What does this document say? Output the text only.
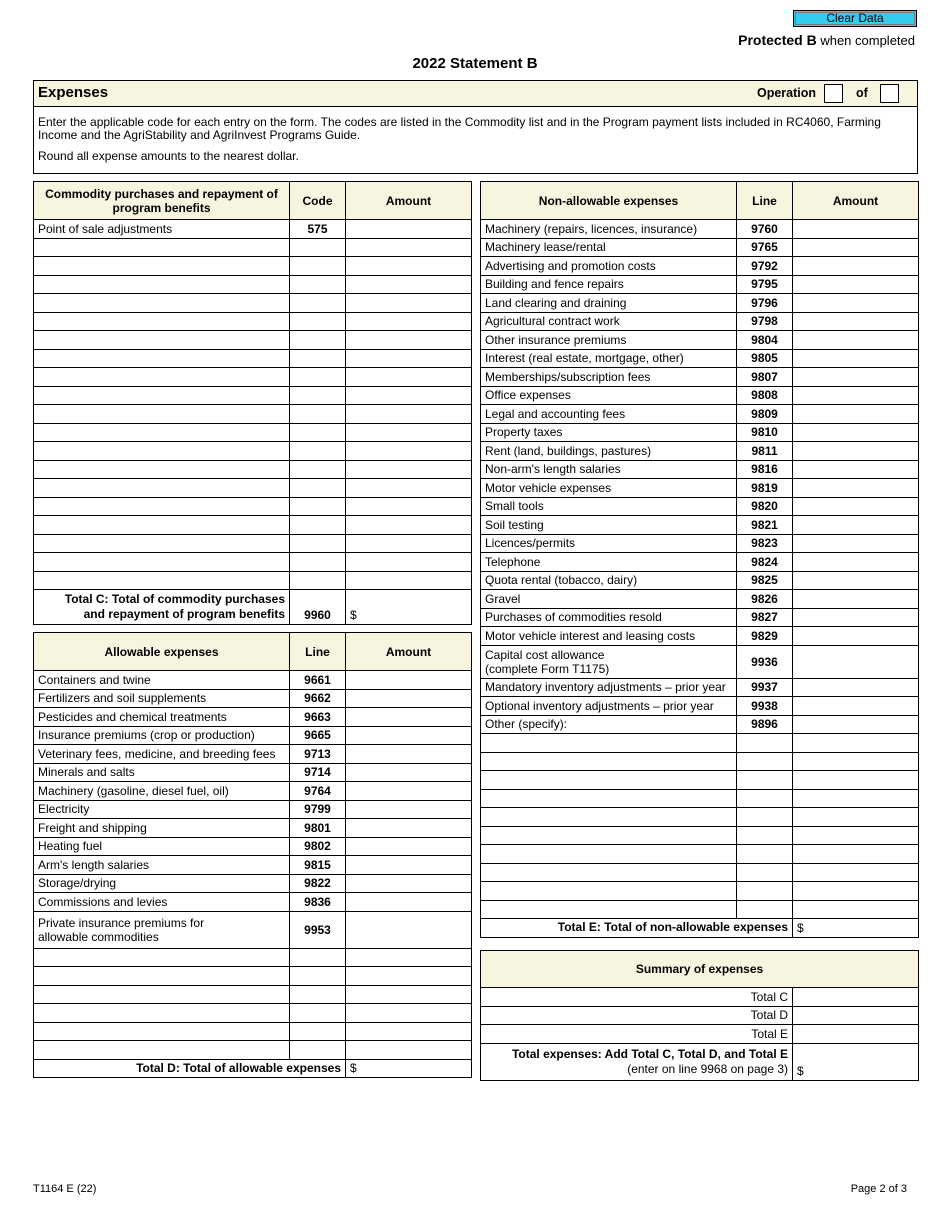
Clear Data
Protected B when completed
2022 Statement B
Expenses	Operation	of
Enter the applicable code for each entry on the form. The codes are listed in the Commodity list and in the Program payment lists included in RC4060, Farming Income and the AgriStability and AgriInvest Programs Guide.
Round all expense amounts to the nearest dollar.
Commodity purchases and repayment of program benefits	Code	Amount
Point of sale adjustments	575	

Total C: Total of commodity purchases
and repayment of program benefits	9960	$
Allowable expenses	Line	Amount
Containers and twine	9661	
Fertilizers and soil supplements	9662	
Pesticides and chemical treatments	9663	
Insurance premiums (crop or production)	9665	
Veterinary fees, medicine, and breeding fees	9713	
Minerals and salts	9714	
Machinery (gasoline, diesel fuel, oil)	9764	
Electricity	9799	
Freight and shipping	9801	
Heating fuel	9802	
Arm's length salaries	9815	
Storage/drying	9822	
Commissions and levies	9836	

Private insurance premiums for
allowable commodities	9953	

Total D: Total of allowable expenses		$
Non-allowable expenses	Line	Amount
Machinery (repairs, licences, insurance)	9760	
Machinery lease/rental	9765	
Advertising and promotion costs	9792	
Building and fence repairs	9795	
Land clearing and draining	9796	
Agricultural contract work	9798	
Other insurance premiums	9804	
Interest (real estate, mortgage, other)	9805	
Memberships/subscription fees	9807	
Office expenses	9808	
Legal and accounting fees	9809	
Property taxes	9810	
Rent (land, buildings, pastures)	9811	
Non-arm's length salaries	9816	
Motor vehicle expenses	9819	
Small tools	9820	
Soil testing	9821	
Licences/permits	9823	
Telephone	9824	
Quota rental (tobacco, dairy)	9825	
Gravel	9826	
Purchases of commodities resold	9827	
Motor vehicle interest and leasing costs	9829	

Capital cost allowance
(complete Form T1175)	9936	
Mandatory inventory adjustments – prior year	9937	
Optional inventory adjustments – prior year	9938	
Other (specify):	9896	

Total E: Total of non-allowable expenses		$
Summary of expenses	
Total C	
Total D	
Total E	

Total expenses: Add Total C, Total D, and Total E
(enter on line 9968 on page 3)	$
T1164 E (22)	Page 2 of 3
